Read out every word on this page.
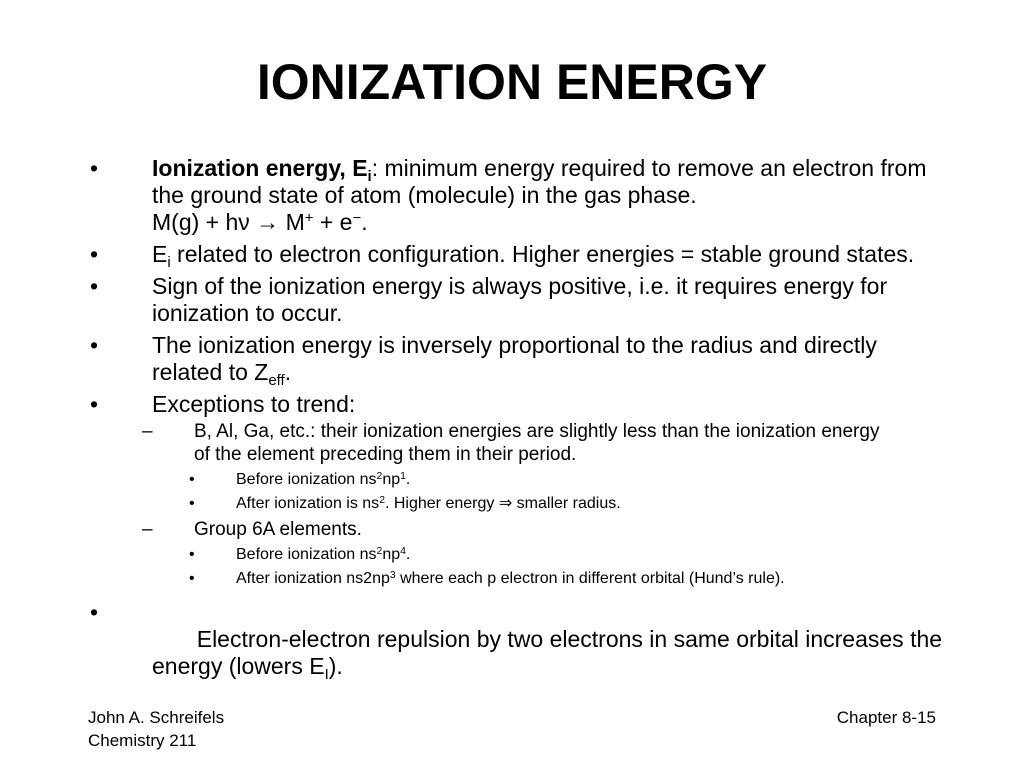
IONIZATION ENERGY
• Ionization energy, $E_i$: minimum energy required to remove an electron from the ground state of atom (molecule) in the gas phase.
M(g) + hν → M+ + e−.
• $E_i$ related to electron configuration. Higher energies = stable ground states.
• Sign of the ionization energy is always positive, i.e. it requires energy for ionization to occur.
• The ionization energy is inversely proportional to the radius and directly related to $Z_{eff}$.
• Exceptions to trend:
– B, Al, Ga, etc.: their ionization energies are slightly less than the ionization energy of the element preceding them in their period.
•	Before ionization $ns^2np^1$.
•	After ionization is $ns^2$. Higher energy ⇒ smaller radius.
– Group 6A elements.
•	Before ionization $ns^2np^4$.
•	After ionization $ns2np^3$ where each p electron in different orbital (Hund’s rule).

•
Electron-electron repulsion by two electrons in same orbital increases the energy (lowers $E_I$).

John A. Schreifels
Chemistry 211
Chapter 8-15
